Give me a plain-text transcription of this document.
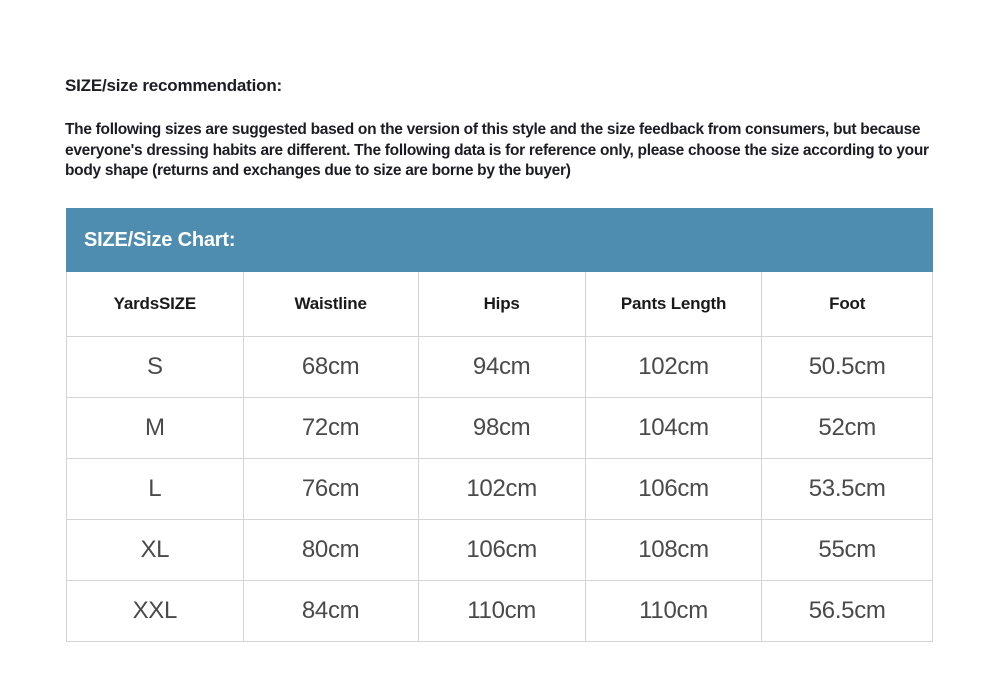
SIZE/size recommendation:
The following sizes are suggested based on the version of this style and the size feedback from consumers, but because everyone's dressing habits are different. The following data is for reference only, please choose the size according to your body shape (returns and exchanges due to size are borne by the buyer)
SIZE/Size Chart:
YardsSIZE	Waistline	Hips	Pants Length	Foot
S	68cm	94cm	102cm	50.5cm
M	72cm	98cm	104cm	52cm
L	76cm	102cm	106cm	53.5cm
XL	80cm	106cm	108cm	55cm
XXL	84cm	110cm	110cm	56.5cm
